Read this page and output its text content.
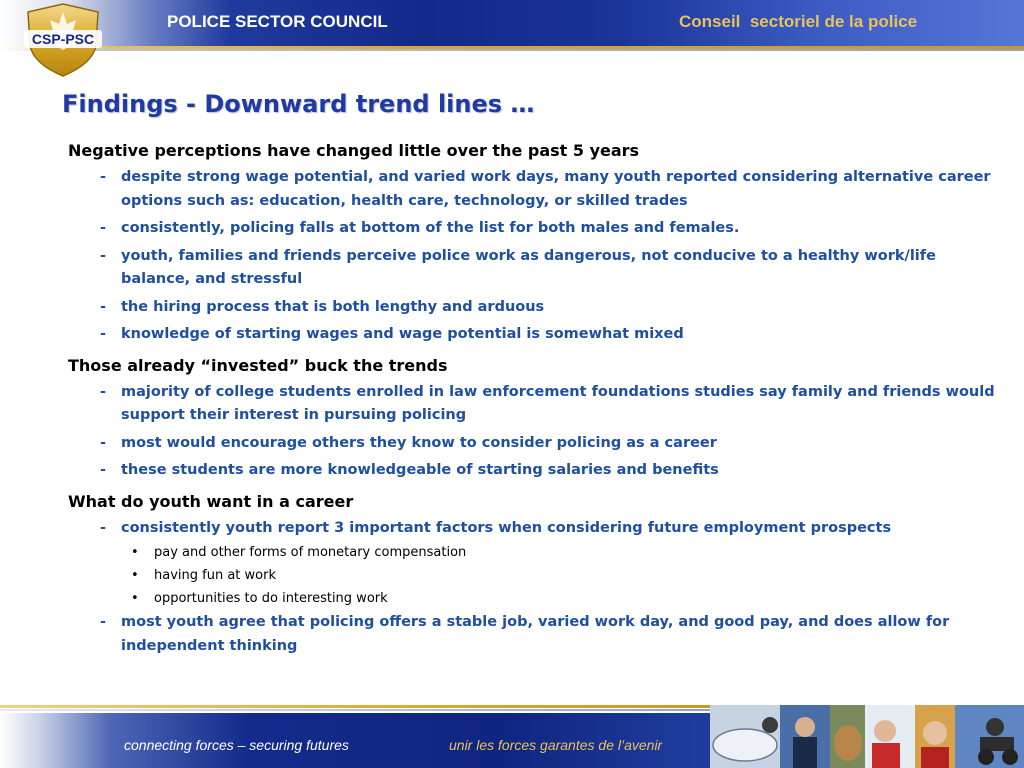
CSP-PSC
POLICE SECTOR COUNCIL	Conseil  sectoriel de la police
Findings - Downward trend lines …
Negative perceptions have changed little over the past 5 years
- despite strong wage potential, and varied work days, many youth reported considering alternative career options such as: education, health care, technology, or skilled trades
- consistently, policing falls at bottom of the list for both males and females.
- youth, families and friends perceive police work as dangerous, not conducive to a healthy work/life balance, and stressful
- the hiring process that is both lengthy and arduous
- knowledge of starting wages and wage potential is somewhat mixed
Those already “invested” buck the trends
- majority of college students enrolled in law enforcement foundations studies say family and friends would support their interest in pursuing policing
- most would encourage others they know to consider policing as a career
- these students are more knowledgeable of starting salaries and benefits
What do youth want in a career
- consistently youth report 3 important factors when considering future employment prospects
• pay and other forms of monetary compensation
• having fun at work
• opportunities to do interesting work
- most youth agree that policing offers a stable job, varied work day, and good pay, and does allow for independent thinking
connecting forces – securing futures	unir les forces garantes de l’avenir
